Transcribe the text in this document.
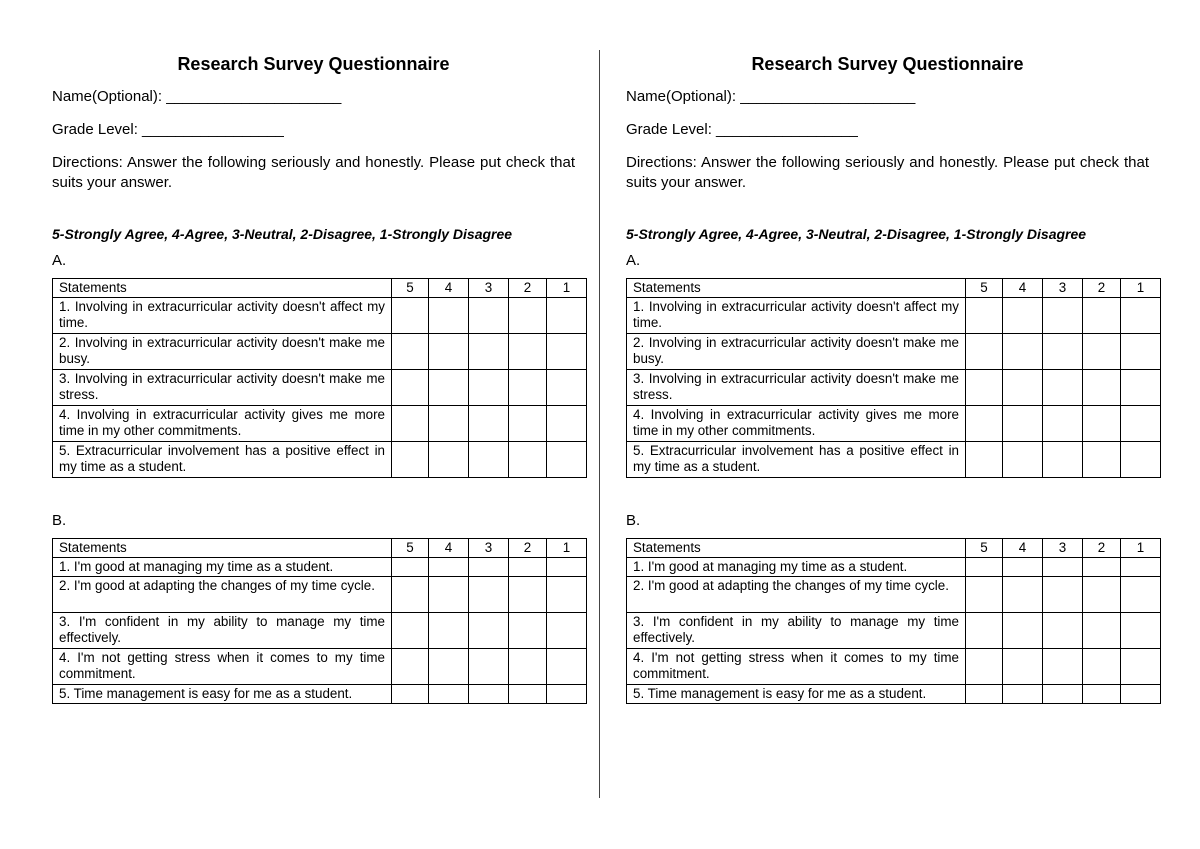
Research Survey Questionnaire
Name(Optional): _____________________
Grade Level: _________________
Directions: Answer the following seriously and honestly. Please put check that suits your answer.
5-Strongly Agree, 4-Agree, 3-Neutral, 2-Disagree, 1-Strongly Disagree
A.
Statements	5	4	3	2	1
1. Involving in extracurricular activity doesn't affect my time.					
2. Involving in extracurricular activity doesn't make me busy.					
3. Involving in extracurricular activity doesn't make me stress.					
4. Involving in extracurricular activity gives me more time in my other commitments.					
5. Extracurricular involvement has a positive effect in my time as a student.					
B.
Statements	5	4	3	2	1
1. I'm good at managing my time as a student.					
2. I'm good at adapting the changes of my time cycle.					
3. I'm confident in my ability to manage my time effectively.					
4. I'm not getting stress when it comes to my time commitment.					
5. Time management is easy for me as a student.					
Research Survey Questionnaire
Name(Optional): _____________________
Grade Level: _________________
Directions: Answer the following seriously and honestly. Please put check that suits your answer.
5-Strongly Agree, 4-Agree, 3-Neutral, 2-Disagree, 1-Strongly Disagree
A.
Statements	5	4	3	2	1
1. Involving in extracurricular activity doesn't affect my time.					
2. Involving in extracurricular activity doesn't make me busy.					
3. Involving in extracurricular activity doesn't make me stress.					
4. Involving in extracurricular activity gives me more time in my other commitments.					
5. Extracurricular involvement has a positive effect in my time as a student.					
B.
Statements	5	4	3	2	1
1. I'm good at managing my time as a student.					
2. I'm good at adapting the changes of my time cycle.					
3. I'm confident in my ability to manage my time effectively.					
4. I'm not getting stress when it comes to my time commitment.					
5. Time management is easy for me as a student.					
